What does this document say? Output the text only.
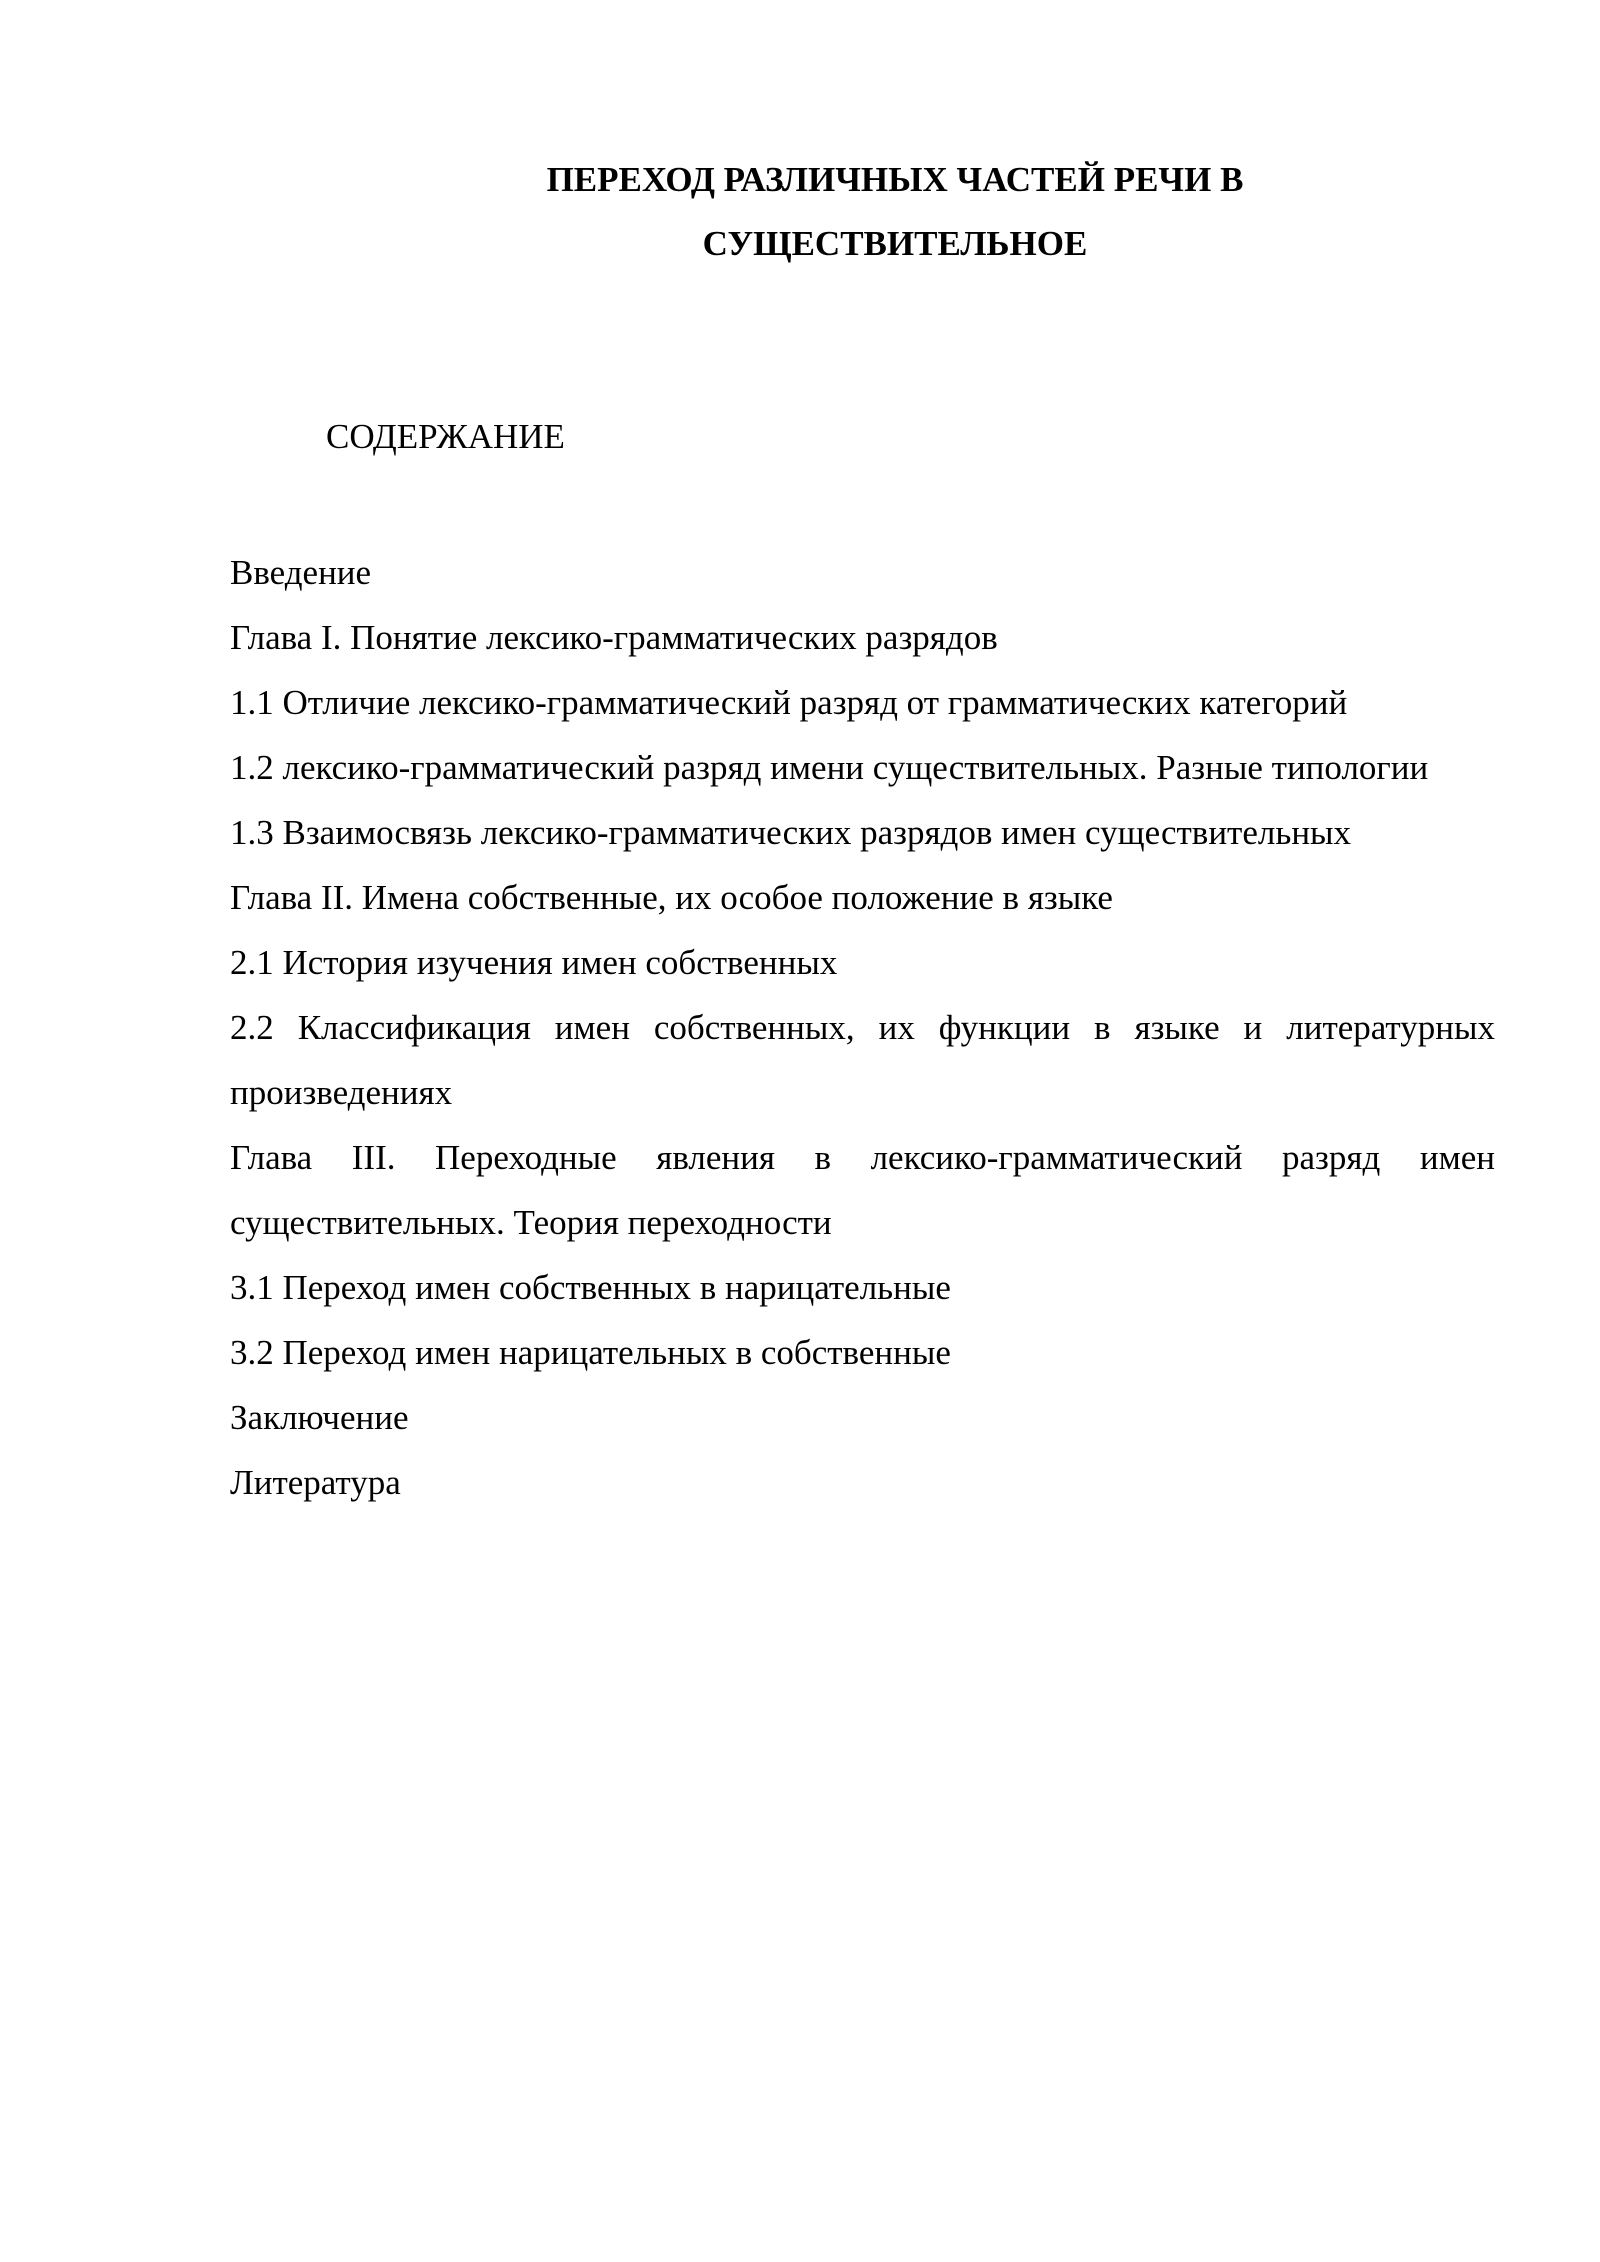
ПЕРЕХОД РАЗЛИЧНЫХ ЧАСТЕЙ РЕЧИ В
СУЩЕСТВИТЕЛЬНОЕ
СОДЕРЖАНИЕ
Введение
Глава I. Понятие лексико-грамматических разрядов
1.1 Отличие лексико-грамматический разряд от грамматических категорий
1.2 лексико-грамматический разряд имени существительных. Разные типологии
1.3 Взаимосвязь лексико-грамматических разрядов имен существительных
Глава II. Имена собственные, их особое положение в языке
2.1 История изучения имен собственных
2.2 Классификация имен собственных, их функции в языке и литературных произведениях
Глава III. Переходные явления в лексико-грамматический разряд имен существительных. Теория переходности
3.1 Переход имен собственных в нарицательные
3.2 Переход имен нарицательных в собственные
Заключение
Литература
